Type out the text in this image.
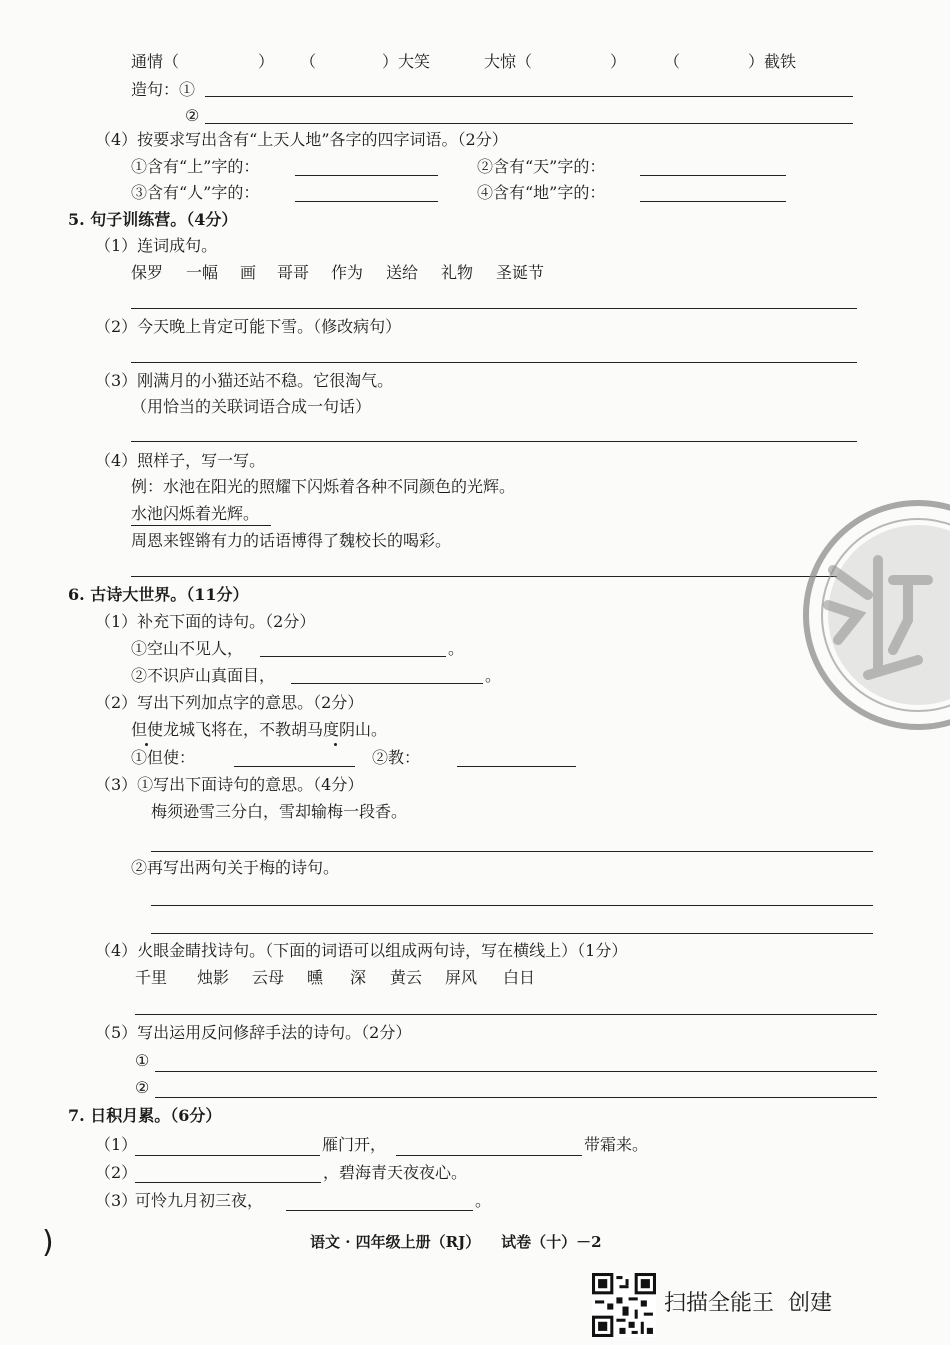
通情（	） （	）大笑	大惊（	） （	）截铁
造句：①
②
（4）按要求写出含有“上天人地”各字的四字词语。（2分）
①含有“上”字的：	②含有“天”字的：
③含有“人”字的：	④含有“地”字的：
5. 句子训练营。（4分）
（1）连词成句。
保罗 一幅 画 哥哥 作为 送给 礼物 圣诞节
（2）今天晚上肯定可能下雪。（修改病句）
（3）刚满月的小猫还站不稳。它很淘气。
（用恰当的关联词语合成一句话）
（4）照样子，写一写。
例：水池在阳光的照耀下闪烁着各种不同颜色的光辉。
水池闪烁着光辉。
周恩来铿锵有力的话语博得了魏校长的喝彩。
6. 古诗大世界。（11分）
（1）补充下面的诗句。（2分）
①空山不见人，	。
②不识庐山真面目，	。
（2）写出下列加点字的意思。（2分）
但使龙城飞将在，不教胡马度阴山。
①但使：	②教：
（3）①写出下面诗句的意思。（4分）
梅须逊雪三分白，雪却输梅一段香。
②再写出两句关于梅的诗句。
（4）火眼金睛找诗句。（下面的词语可以组成两句诗，写在横线上）（1分）
千里 烛影 云母 曛 深 黄云 屏风 白日
（5）写出运用反问修辞手法的诗句。（2分）
①
②
7. 日积月累。（6分）
（1）	雁门开，	带霜来。
（2）	，碧海青天夜夜心。
（3）
可怜九月初三夜，	。
)	语文 · 四年级上册（RJ）    试卷（十）－2
扫描全能王  创建
